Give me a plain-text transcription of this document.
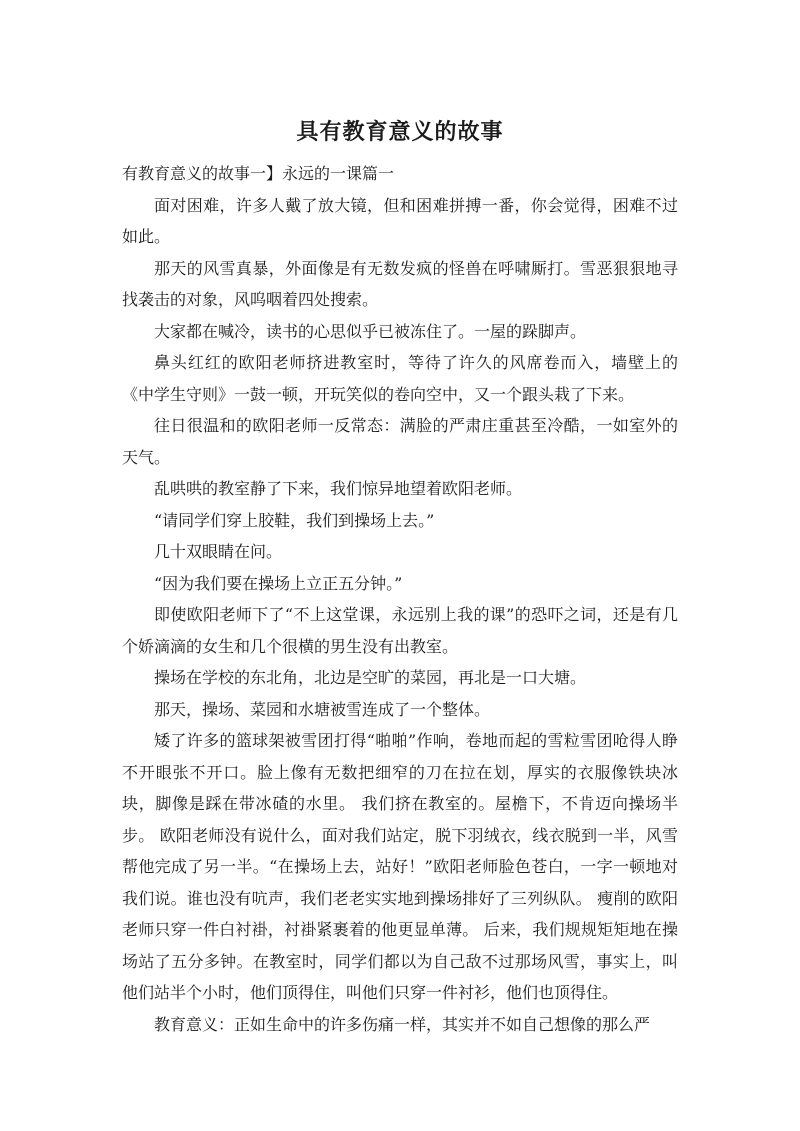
具有教育意义的故事

有教育意义的故事一】永远的一课篇一

面对困难，许多人戴了放大镜，但和困难拼搏一番，你会觉得，困难不过如此。

那天的风雪真暴，外面像是有无数发疯的怪兽在呼啸厮打。雪恶狠狠地寻找袭击的对象，风呜咽着四处搜索。

大家都在喊冷，读书的心思似乎已被冻住了。一屋的跺脚声。

鼻头红红的欧阳老师挤进教室时，等待了许久的风席卷而入，墙壁上的《中学生守则》一鼓一顿，开玩笑似的卷向空中，又一个跟头栽了下来。

往日很温和的欧阳老师一反常态：满脸的严肃庄重甚至冷酷，一如室外的天气。

乱哄哄的教室静了下来，我们惊异地望着欧阳老师。

“请同学们穿上胶鞋，我们到操场上去。”

几十双眼睛在问。

“因为我们要在操场上立正五分钟。”

即使欧阳老师下了“不上这堂课，永远别上我的课”的恐吓之词，还是有几个娇滴滴的女生和几个很横的男生没有出教室。

操场在学校的东北角，北边是空旷的菜园，再北是一口大塘。

那天，操场、菜园和水塘被雪连成了一个整体。

矮了许多的篮球架被雪团打得“啪啪”作响，卷地而起的雪粒雪团呛得人睁不开眼张不开口。脸上像有无数把细窄的刀在拉在划，厚实的衣服像铁块冰块，脚像是踩在带冰碴的水里。 我们挤在教室的。屋檐下，不肯迈向操场半步。 欧阳老师没有说什么，面对我们站定，脱下羽绒衣，线衣脱到一半，风雪帮他完成了另一半。“在操场上去，站好！”欧阳老师脸色苍白，一字一顿地对我们说。谁也没有吭声，我们老老实实地到操场排好了三列纵队。 瘦削的欧阳老师只穿一件白衬褂，衬褂紧裹着的他更显单薄。 后来，我们规规矩矩地在操场站了五分多钟。在教室时，同学们都以为自己敌不过那场风雪，事实上，叫他们站半个小时，他们顶得住，叫他们只穿一件衬衫，他们也顶得住。

教育意义：正如生命中的许多伤痛一样，其实并不如自己想像的那么严
